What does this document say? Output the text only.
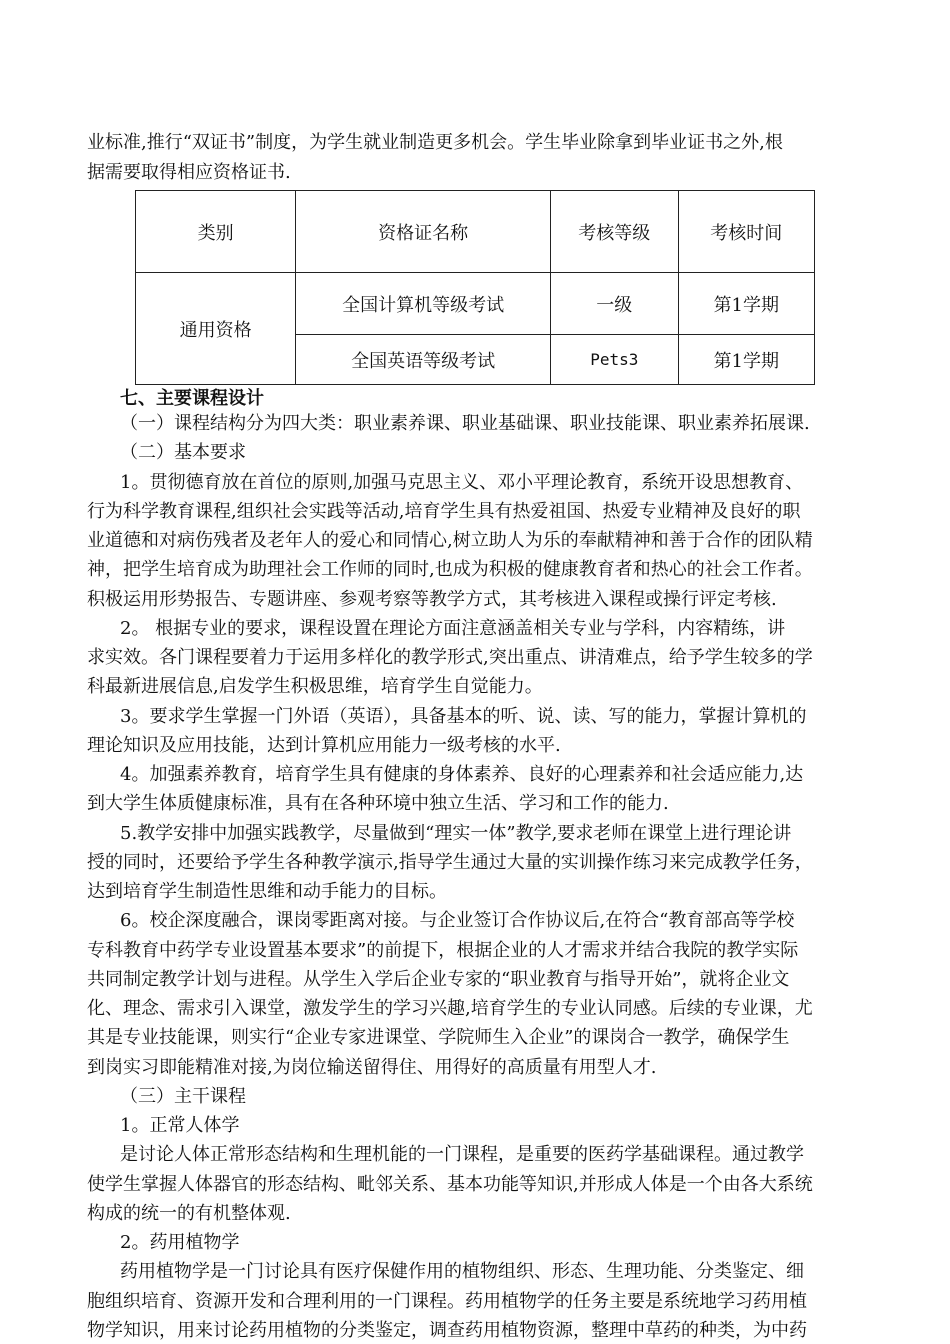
业标准,推行“双证书”制度，为学生就业制造更多机会。学生毕业除拿到毕业证书之外,根
据需要取得相应资格证书.
类别	资格证名称	考核等级	考核时间
通用资格	全国计算机等级考试	一级	第1学期
	全国英语等级考试	Pets3	第1学期
七、主要课程设计
（一）课程结构分为四大类：职业素养课、职业基础课、职业技能课、职业素养拓展课.
（二）基本要求
1。贯彻德育放在首位的原则,加强马克思主义、邓小平理论教育，系统开设思想教育、
行为科学教育课程,组织社会实践等活动,培育学生具有热爱祖国、热爱专业精神及良好的职
业道德和对病伤残者及老年人的爱心和同情心,树立助人为乐的奉献精神和善于合作的团队精
神，把学生培育成为助理社会工作师的同时,也成为积极的健康教育者和热心的社会工作者。
积极运用形势报告、专题讲座、参观考察等教学方式，其考核进入课程或操行评定考核.
2。 根据专业的要求，课程设置在理论方面注意涵盖相关专业与学科，内容精练，讲
求实效。各门课程要着力于运用多样化的教学形式,突出重点、讲清难点，给予学生较多的学
科最新进展信息,启发学生积极思维，培育学生自觉能力。
3。要求学生掌握一门外语（英语），具备基本的听、说、读、写的能力，掌握计算机的
理论知识及应用技能，达到计算机应用能力一级考核的水平.
4。加强素养教育，培育学生具有健康的身体素养、良好的心理素养和社会适应能力,达
到大学生体质健康标准，具有在各种环境中独立生活、学习和工作的能力.
5.教学安排中加强实践教学，尽量做到“理实一体”教学,要求老师在课堂上进行理论讲
授的同时，还要给予学生各种教学演示,指导学生通过大量的实训操作练习来完成教学任务，
达到培育学生制造性思维和动手能力的目标。
6。校企深度融合，课岗零距离对接。与企业签订合作协议后,在符合“教育部高等学校
专科教育中药学专业设置基本要求”的前提下，根据企业的人才需求并结合我院的教学实际
共同制定教学计划与进程。从学生入学后企业专家的“职业教育与指导开始”，就将企业文
化、理念、需求引入课堂，激发学生的学习兴趣,培育学生的专业认同感。后续的专业课，尤
其是专业技能课，则实行“企业专家进课堂、学院师生入企业”的课岗合一教学，确保学生
到岗实习即能精准对接,为岗位输送留得住、用得好的高质量有用型人才.
（三）主干课程
1。正常人体学
是讨论人体正常形态结构和生理机能的一门课程，是重要的医药学基础课程。通过教学
使学生掌握人体器官的形态结构、毗邻关系、基本功能等知识,并形成人体是一个由各大系统
构成的统一的有机整体观.
2。药用植物学
药用植物学是一门讨论具有医疗保健作用的植物组织、形态、生理功能、分类鉴定、细
胞组织培育、资源开发和合理利用的一门课程。药用植物学的任务主要是系统地学习药用植
物学知识，用来讨论药用植物的分类鉴定，调查药用植物资源，整理中草药的种类，为中药
